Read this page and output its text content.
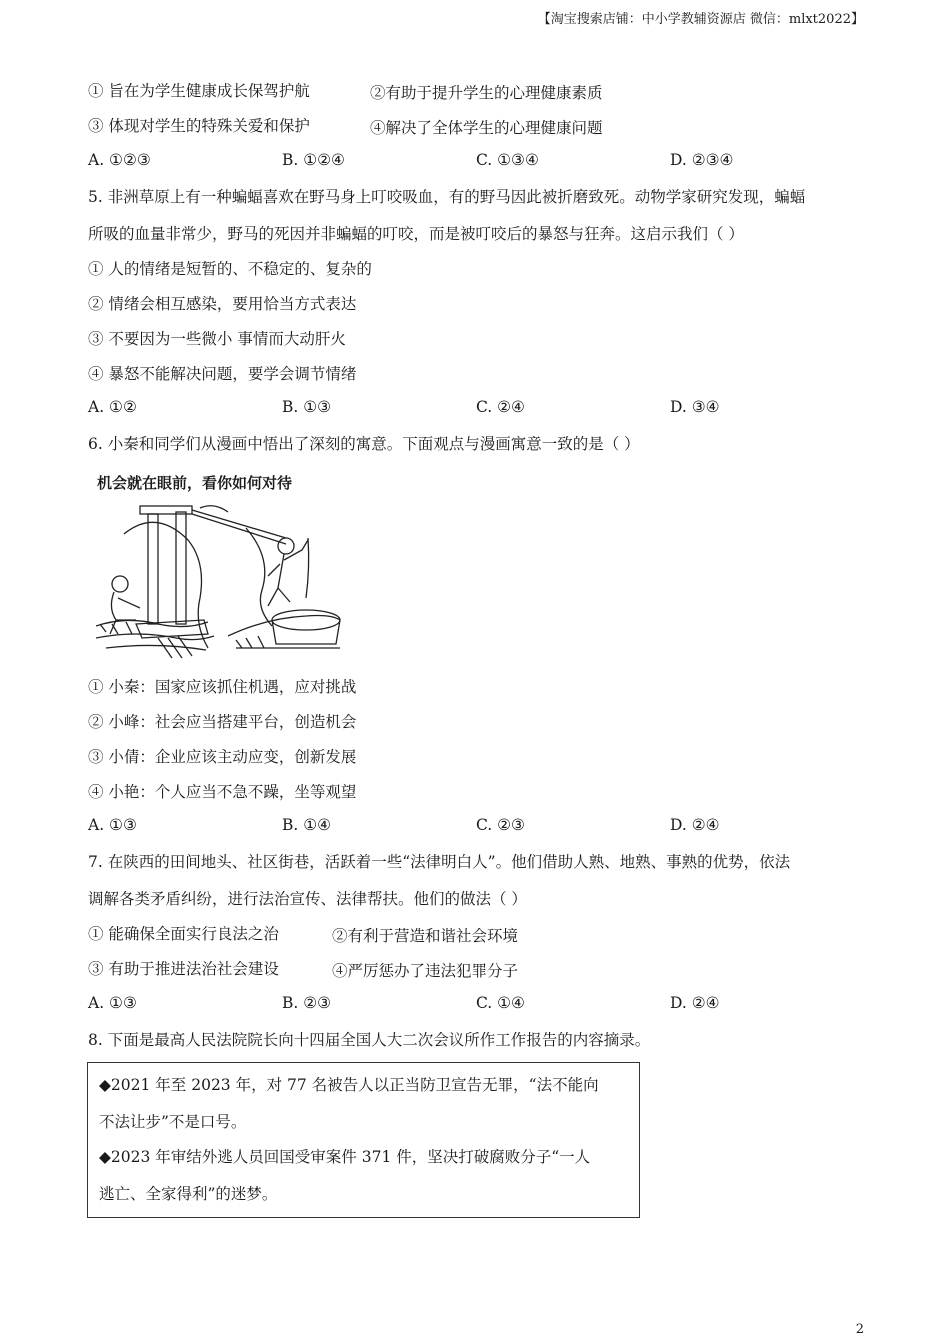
【淘宝搜索店铺：中小学教辅资源店 微信：mlxt2022】
① 旨在为学生健康成长保驾护航	②有助于提升学生的心理健康素质
③ 体现对学生的特殊关爱和保护	④解决了全体学生的心理健康问题
A. ①②③	B. ①②④	C. ①③④	D. ②③④
5. 非洲草原上有一种蝙蝠喜欢在野马身上叮咬吸血，有的野马因此被折磨致死。动物学家研究发现，蝙蝠
所吸的血量非常少，野马的死因并非蝙蝠的叮咬，而是被叮咬后的暴怒与狂奔。这启示我们（ ）
① 人的情绪是短暂的、不稳定的、复杂的
② 情绪会相互感染，要用恰当方式表达
③ 不要因为一些微小 事情而大动肝火
④ 暴怒不能解决问题，要学会调节情绪
A. ①②	B. ①③	C. ②④	D. ③④
6. 小秦和同学们从漫画中悟出了深刻的寓意。下面观点与漫画寓意一致的是（ ）
机会就在眼前，看你如何对待
① 小秦：国家应该抓住机遇，应对挑战
② 小峰：社会应当搭建平台，创造机会
③ 小倩：企业应该主动应变，创新发展
④ 小艳：个人应当不急不躁，坐等观望
A. ①③	B. ①④	C. ②③	D. ②④
7. 在陕西的田间地头、社区街巷，活跃着一些“法律明白人”。他们借助人熟、地熟、事熟的优势，依法
调解各类矛盾纠纷，进行法治宣传、法律帮扶。他们的做法（ ）
① 能确保全面实行良法之治	②有利于营造和谐社会环境
③ 有助于推进法治社会建设	④严厉惩办了违法犯罪分子
A. ①③	B. ②③	C. ①④	D. ②④
8. 下面是最高人民法院院长向十四届全国人大二次会议所作工作报告的内容摘录。
◆2021 年至 2023 年，对 77 名被告人以正当防卫宣告无罪，“法不能向
不法让步”不是口号。
◆2023 年审结外逃人员回国受审案件 371 件，坚决打破腐败分子“一人
逃亡、全家得利”的迷梦。
2
